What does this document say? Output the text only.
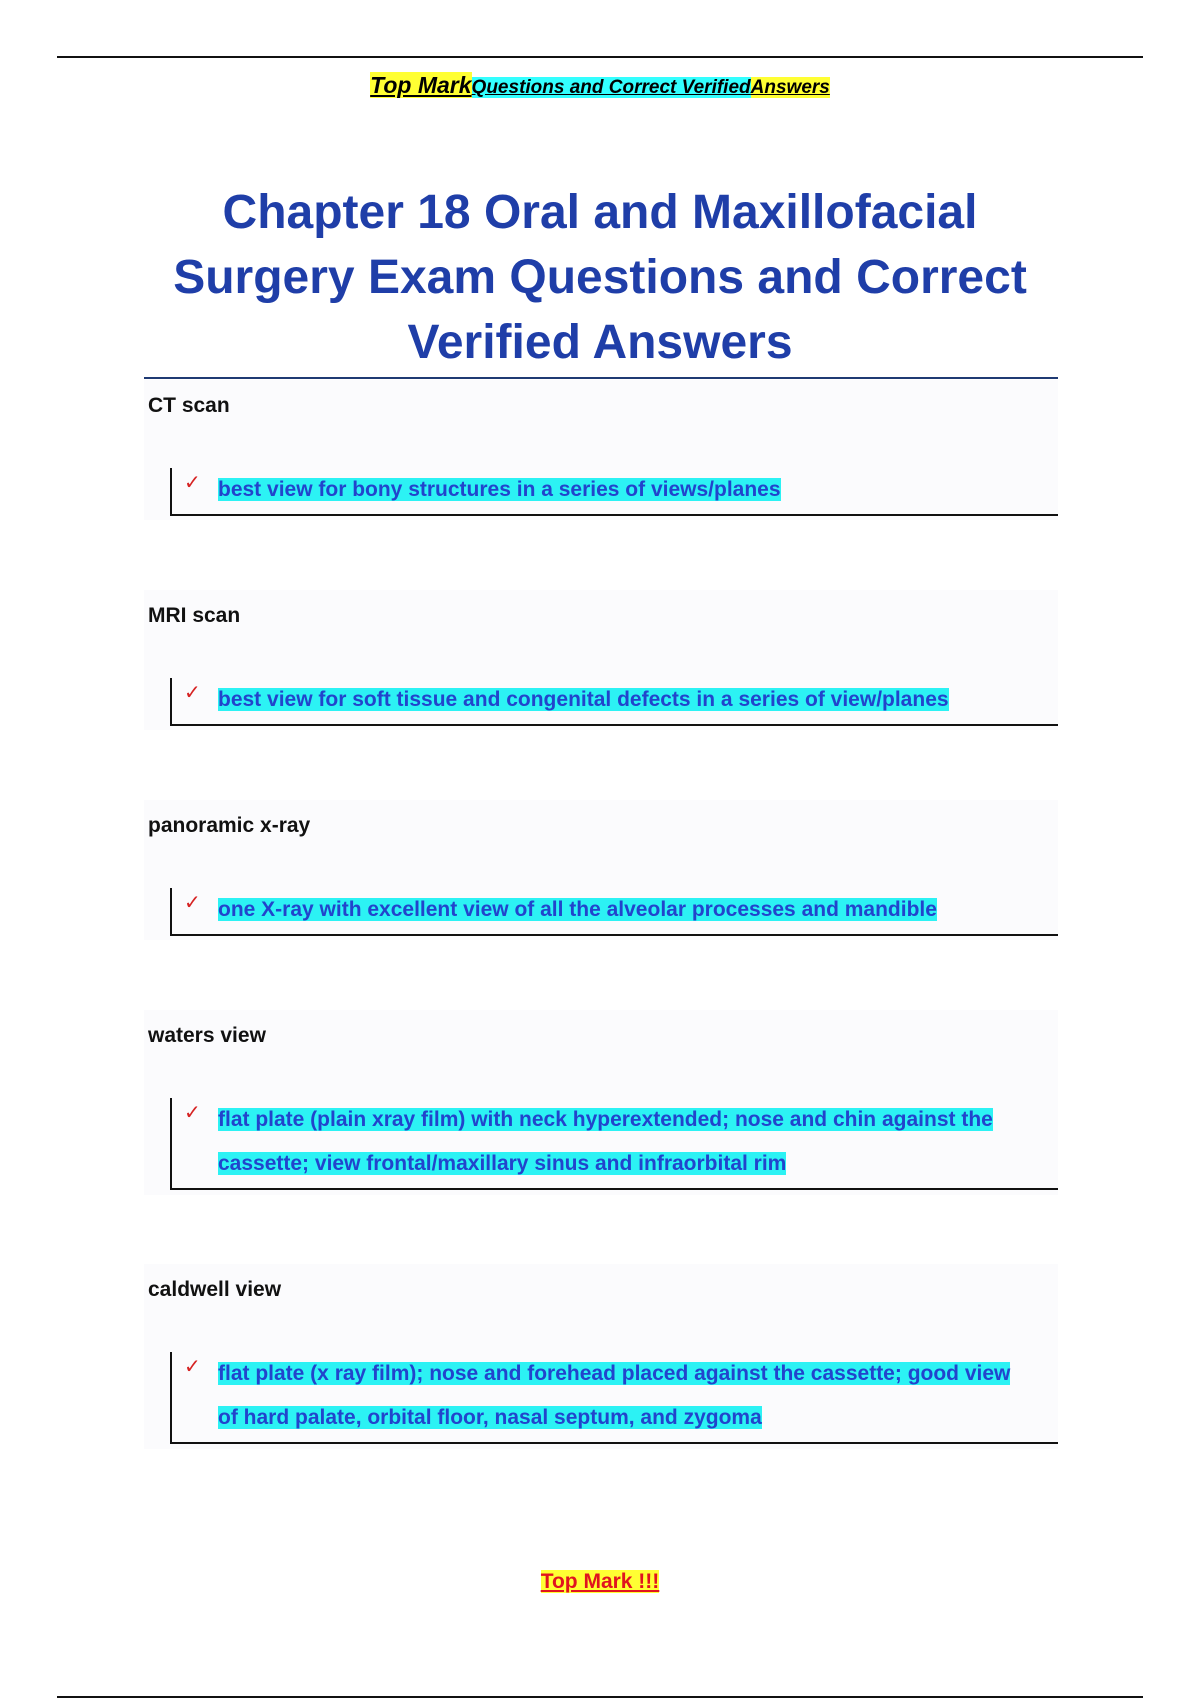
Top MarkQuestions and Correct VerifiedAnswers
Chapter 18 Oral and Maxillofacial
Surgery Exam Questions and Correct
Verified Answers
CT scan
✓ best view for bony structures in a series of views/planes
MRI scan
✓ best view for soft tissue and congenital defects in a series of view/planes
panoramic x-ray
✓ one X-ray with excellent view of all the alveolar processes and mandible
waters view
✓ flat plate (plain xray film) with neck hyperextended; nose and chin against the
cassette; view frontal/maxillary sinus and infraorbital rim
caldwell view
✓ flat plate (x ray film); nose and forehead placed against the cassette; good view
of hard palate, orbital floor, nasal septum, and zygoma
Top Mark !!!
